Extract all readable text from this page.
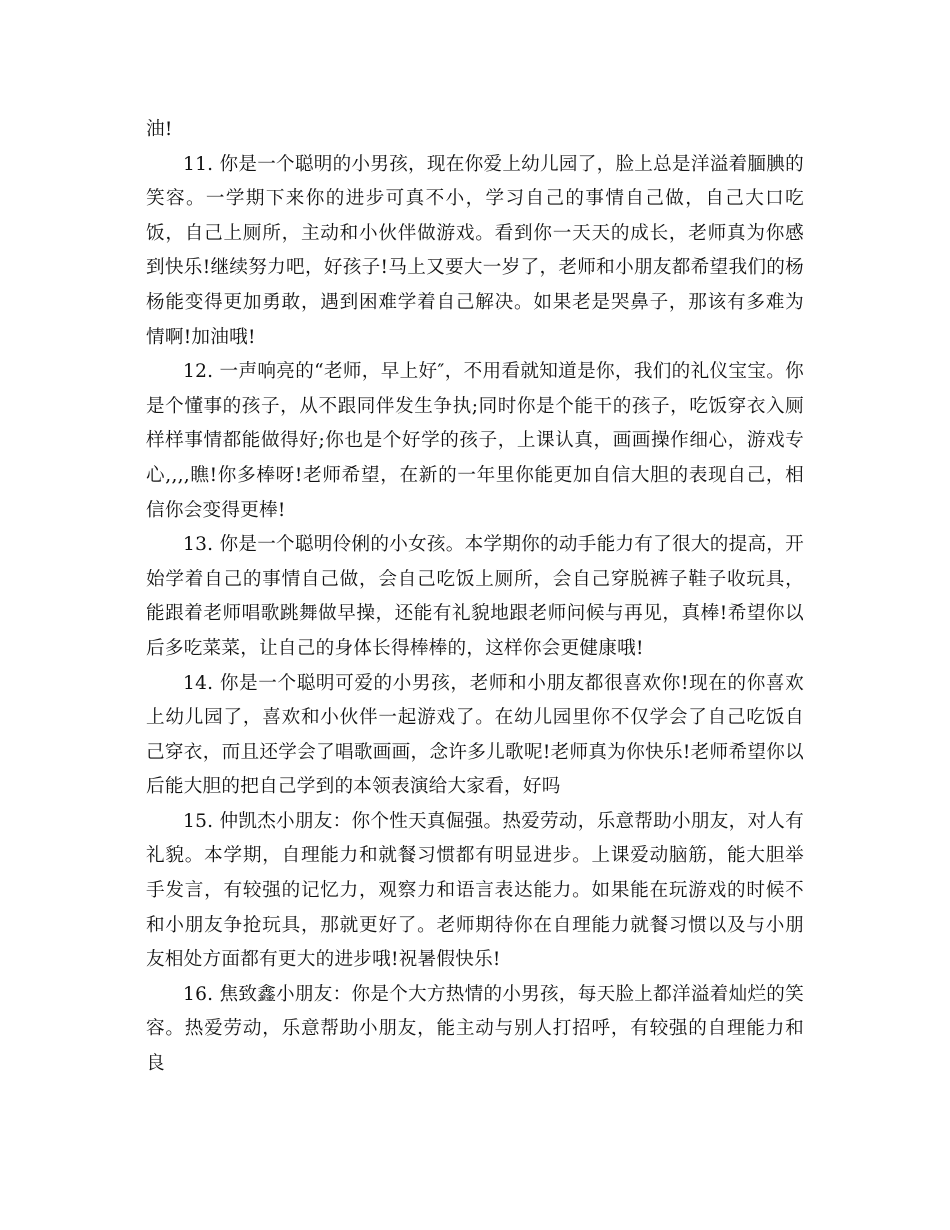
油!

11. 你是一个聪明的小男孩，现在你爱上幼儿园了，脸上总是洋溢着腼腆的笑容。一学期下来你的进步可真不小，学习自己的事情自己做，自己大口吃饭，自己上厕所，主动和小伙伴做游戏。看到你一天天的成长，老师真为你感到快乐!继续努力吧，好孩子!马上又要大一岁了，老师和小朋友都希望我们的杨杨能变得更加勇敢，遇到困难学着自己解决。如果老是哭鼻子，那该有多难为情啊!加油哦!

12. 一声响亮的“老师，早上好″，不用看就知道是你，我们的礼仪宝宝。你是个懂事的孩子，从不跟同伴发生争执;同时你是个能干的孩子，吃饭穿衣入厕样样事情都能做得好;你也是个好学的孩子，上课认真，画画操作细心，游戏专心,,,,瞧!你多棒呀!老师希望，在新的一年里你能更加自信大胆的表现自己，相信你会变得更棒!

13. 你是一个聪明伶俐的小女孩。本学期你的动手能力有了很大的提高，开始学着自己的事情自己做，会自己吃饭上厕所，会自己穿脱裤子鞋子收玩具，能跟着老师唱歌跳舞做早操，还能有礼貌地跟老师问候与再见，真棒!希望你以后多吃菜菜，让自己的身体长得棒棒的，这样你会更健康哦!

14. 你是一个聪明可爱的小男孩，老师和小朋友都很喜欢你!现在的你喜欢上幼儿园了，喜欢和小伙伴一起游戏了。在幼儿园里你不仅学会了自己吃饭自己穿衣，而且还学会了唱歌画画，念许多儿歌呢!老师真为你快乐!老师希望你以后能大胆的把自己学到的本领表演给大家看，好吗

15. 仲凯杰小朋友：你个性天真倔强。热爱劳动，乐意帮助小朋友，对人有礼貌。本学期，自理能力和就餐习惯都有明显进步。上课爱动脑筋，能大胆举手发言，有较强的记忆力，观察力和语言表达能力。如果能在玩游戏的时候不和小朋友争抢玩具，那就更好了。老师期待你在自理能力就餐习惯以及与小朋友相处方面都有更大的进步哦!祝暑假快乐!

16. 焦致鑫小朋友：你是个大方热情的小男孩，每天脸上都洋溢着灿烂的笑容。热爱劳动，乐意帮助小朋友，能主动与别人打招呼，有较强的自理能力和良
